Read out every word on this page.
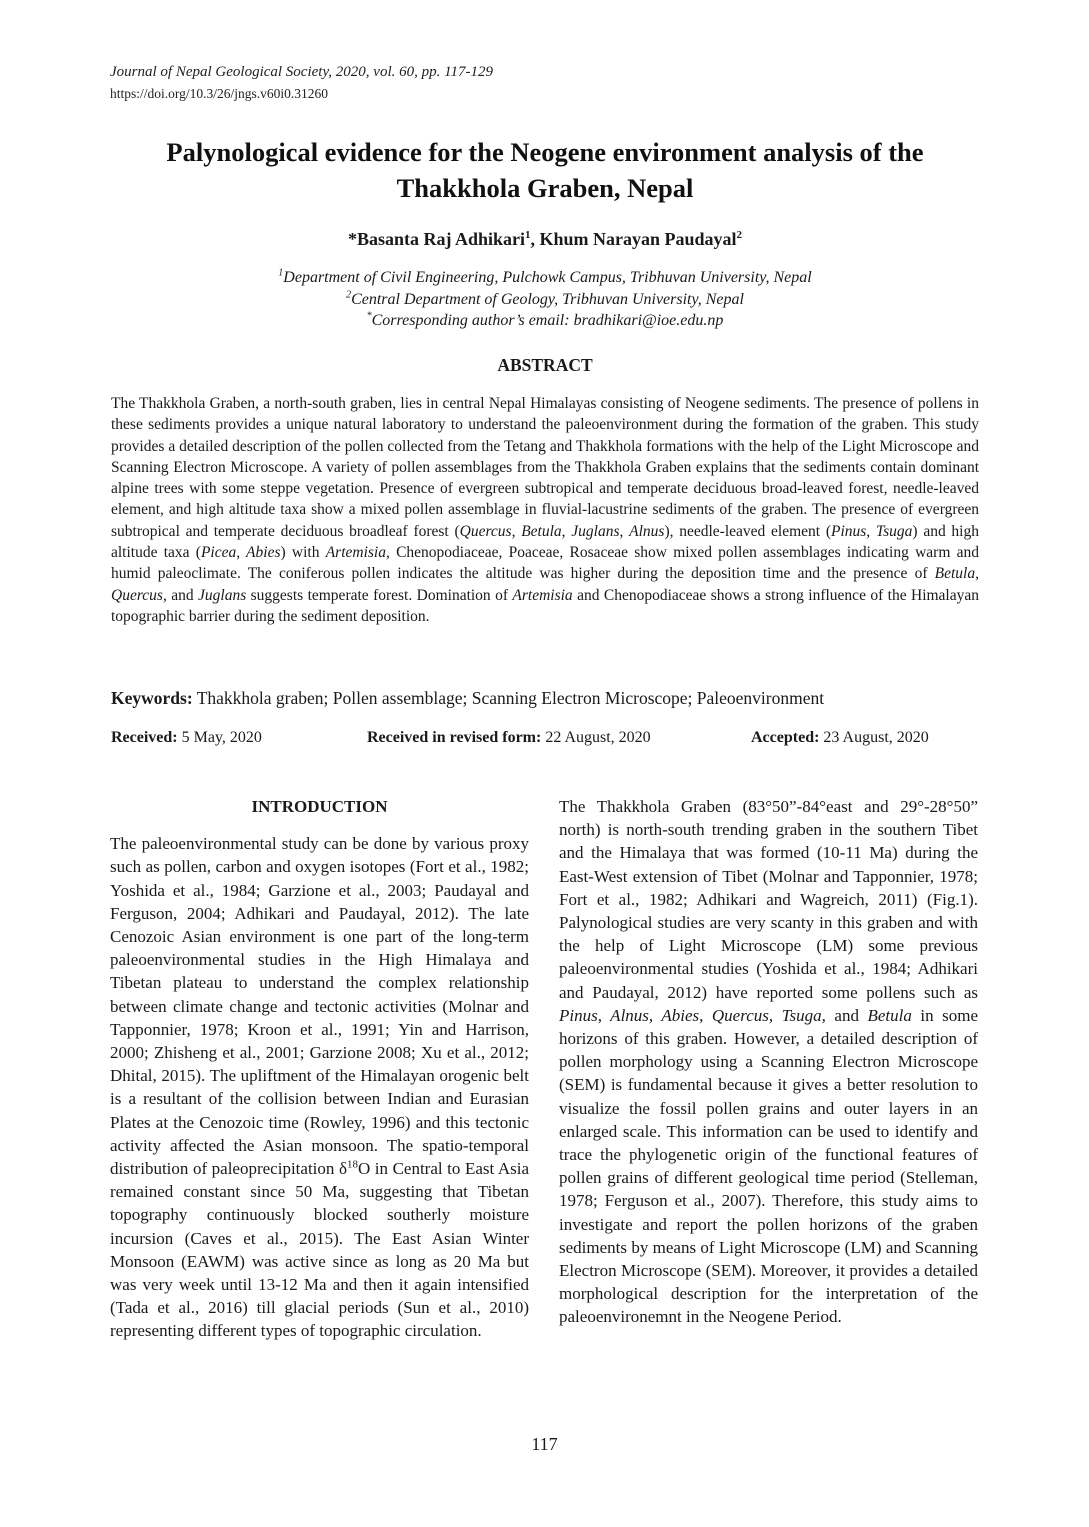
Journal of Nepal Geological Society, 2020, vol. 60, pp. 117-129
https://doi.org/10.3/26/jngs.v60i0.31260
Palynological evidence for the Neogene environment analysis of the
Thakkhola Graben, Nepal
*Basanta Raj Adhikari$^1$, Khum Narayan Paudayal$^2$
$^1$Department of Civil Engineering, Pulchowk Campus, Tribhuvan University, Nepal
$^2$Central Department of Geology, Tribhuvan University, Nepal
*Corresponding author’s email: bradhikari@ioe.edu.np
ABSTRACT

The Thakkhola Graben, a north-south graben, lies in central Nepal Himalayas consisting of Neogene sediments. The presence of pollens in these sediments provides a unique natural laboratory to understand the paleoenvironment during the formation of the graben. This study provides a detailed description of the pollen collected from the Tetang and Thakkhola formations with the help of the Light Microscope and Scanning Electron Microscope. A variety of pollen assemblages from the Thakkhola Graben explains that the sediments contain dominant alpine trees with some steppe vegetation. Presence of evergreen subtropical and temperate deciduous broad-leaved forest, needle-leaved element, and high altitude taxa show a mixed pollen assemblage in fluvial-lacustrine sediments of the graben. The presence of evergreen subtropical and temperate deciduous broadleaf forest (Quercus, Betula, Juglans, Alnus), needle-leaved element (Pinus, Tsuga) and high altitude taxa (Picea, Abies) with Artemisia, Chenopodiaceae, Poaceae, Rosaceae show mixed pollen assemblages indicating warm and humid paleoclimate. The coniferous pollen indicates the altitude was higher during the deposition time and the presence of Betula, Quercus, and Juglans suggests temperate forest. Domination of Artemisia and Chenopodiaceae shows a strong influence of the Himalayan topographic barrier during the sediment deposition.

Keywords: Thakkhola graben; Pollen assemblage; Scanning Electron Microscope; Paleoenvironment
Received: 5 May, 2020	Received in revised form: 22 August, 2020	Accepted: 23 August, 2020

INTRODUCTION
The paleoenvironmental study can be done by various proxy such as pollen, carbon and oxygen isotopes (Fort et al., 1982; Yoshida et al., 1984; Garzione et al., 2003; Paudayal and Ferguson, 2004; Adhikari and Paudayal, 2012). The late Cenozoic Asian environment is one part of the long-term paleoenvironmental studies in the High Himalaya and Tibetan plateau to understand the complex relationship between climate change and tectonic activities (Molnar and Tapponnier, 1978; Kroon et al., 1991; Yin and Harrison, 2000; Zhisheng et al., 2001; Garzione 2008; Xu et al., 2012; Dhital, 2015). The upliftment of the Himalayan orogenic belt is a resultant of the collision between Indian and Eurasian Plates at the Cenozoic time (Rowley, 1996) and this tectonic activity affected the Asian monsoon. The spatio-temporal distribution of paleoprecipitation $\delta^{18}O$ in Central to East Asia remained constant since 50 Ma, suggesting that Tibetan topography continuously blocked southerly moisture incursion (Caves et al., 2015). The East Asian Winter Monsoon (EAWM) was active since as long as 20 Ma but was very week until 13-12 Ma and then it again intensified (Tada et al., 2016) till glacial periods (Sun et al., 2010) representing different types of topographic circulation.

The Thakkhola Graben (83°50”-84°east and 29°-28°50” north) is north-south trending graben in the southern Tibet and the Himalaya that was formed (10-11 Ma) during the East-West extension of Tibet (Molnar and Tapponnier, 1978; Fort et al., 1982; Adhikari and Wagreich, 2011) (Fig.1). Palynological studies are very scanty in this graben and with the help of Light Microscope (LM) some previous paleoenvironmental studies (Yoshida et al., 1984; Adhikari and Paudayal, 2012) have reported some pollens such as Pinus, Alnus, Abies, Quercus, Tsuga, and Betula in some horizons of this graben. However, a detailed description of pollen morphology using a Scanning Electron Microscope (SEM) is fundamental because it gives a better resolution to visualize the fossil pollen grains and outer layers in an enlarged scale. This information can be used to identify and trace the phylogenetic origin of the functional features of pollen grains of different geological time period (Stelleman, 1978; Ferguson et al., 2007). Therefore, this study aims to investigate and report the pollen horizons of the graben sediments by means of Light Microscope (LM) and Scanning Electron Microscope (SEM). Moreover, it provides a detailed morphological description for the interpretation of the paleoenvironemnt in the Neogene Period.

117
